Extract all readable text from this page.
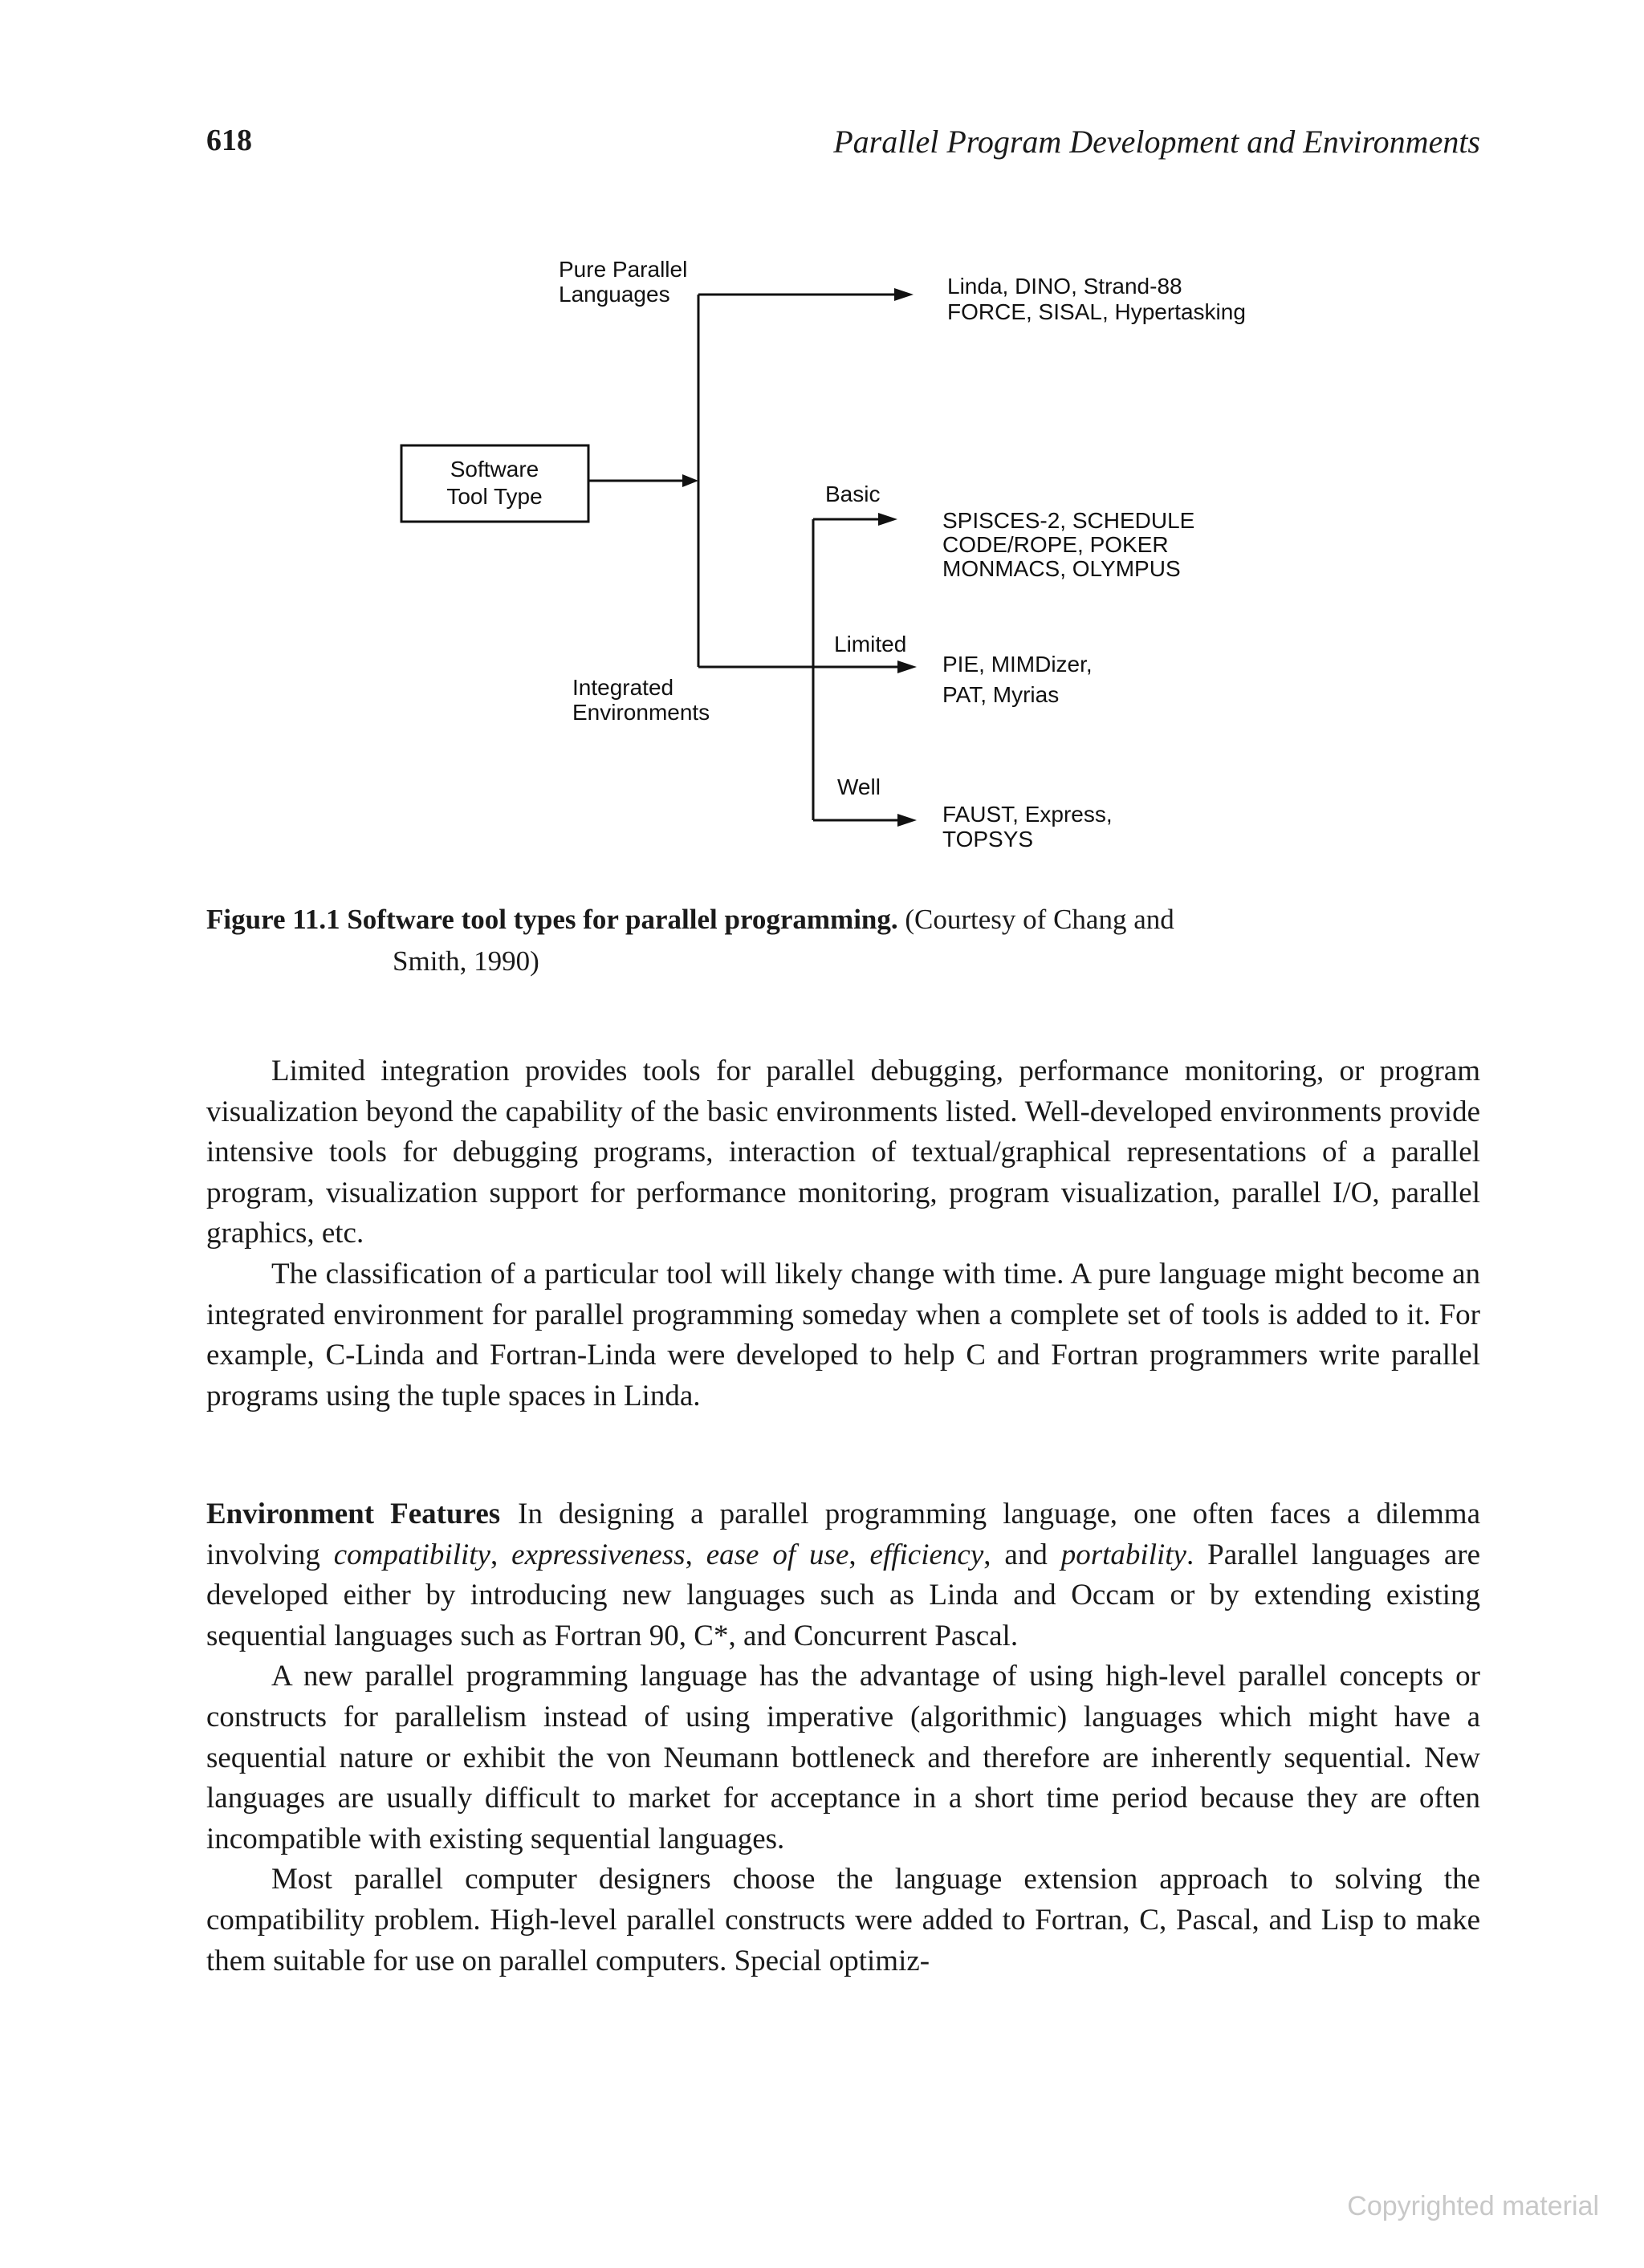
618	Parallel Program Development and Environments
Software
Tool Type
Pure Parallel
Languages	Linda, DINO, Strand-88
FORCE, SISAL, Hypertasking
Integrated
Environments
Basic
SPISCES-2, SCHEDULE
CODE/ROPE, POKER
MONMACS, OLYMPUS
Limited
PIE, MIMDizer,
PAT, Myrias
Well
FAUST, Express,
TOPSYS
Figure 11.1 Software tool types for parallel programming. (Courtesy of Chang and
Smith, 1990)

Limited integration provides tools for parallel debugging, performance monitoring, or program visualization beyond the capability of the basic environments listed. Well-developed environments provide intensive tools for debugging programs, interaction of textual/graphical representations of a parallel program, visualization support for performance monitoring, program visualization, parallel I/O, parallel graphics, etc.

The classification of a particular tool will likely change with time. A pure language might become an integrated environment for parallel programming someday when a complete set of tools is added to it. For example, C-Linda and Fortran-Linda were developed to help C and Fortran programmers write parallel programs using the tuple spaces in Linda.

Environment Features In designing a parallel programming language, one often faces a dilemma involving compatibility, expressiveness, ease of use, efficiency, and portability. Parallel languages are developed either by introducing new languages such as Linda and Occam or by extending existing sequential languages such as Fortran 90, C*, and Concurrent Pascal.

A new parallel programming language has the advantage of using high-level parallel concepts or constructs for parallelism instead of using imperative (algorithmic) languages which might have a sequential nature or exhibit the von Neumann bottleneck and therefore are inherently sequential. New languages are usually difficult to market for acceptance in a short time period because they are often incompatible with existing sequential languages.

Most parallel computer designers choose the language extension approach to solving the compatibility problem. High-level parallel constructs were added to Fortran, C, Pascal, and Lisp to make them suitable for use on parallel computers. Special optimiz-

Copyrighted material
